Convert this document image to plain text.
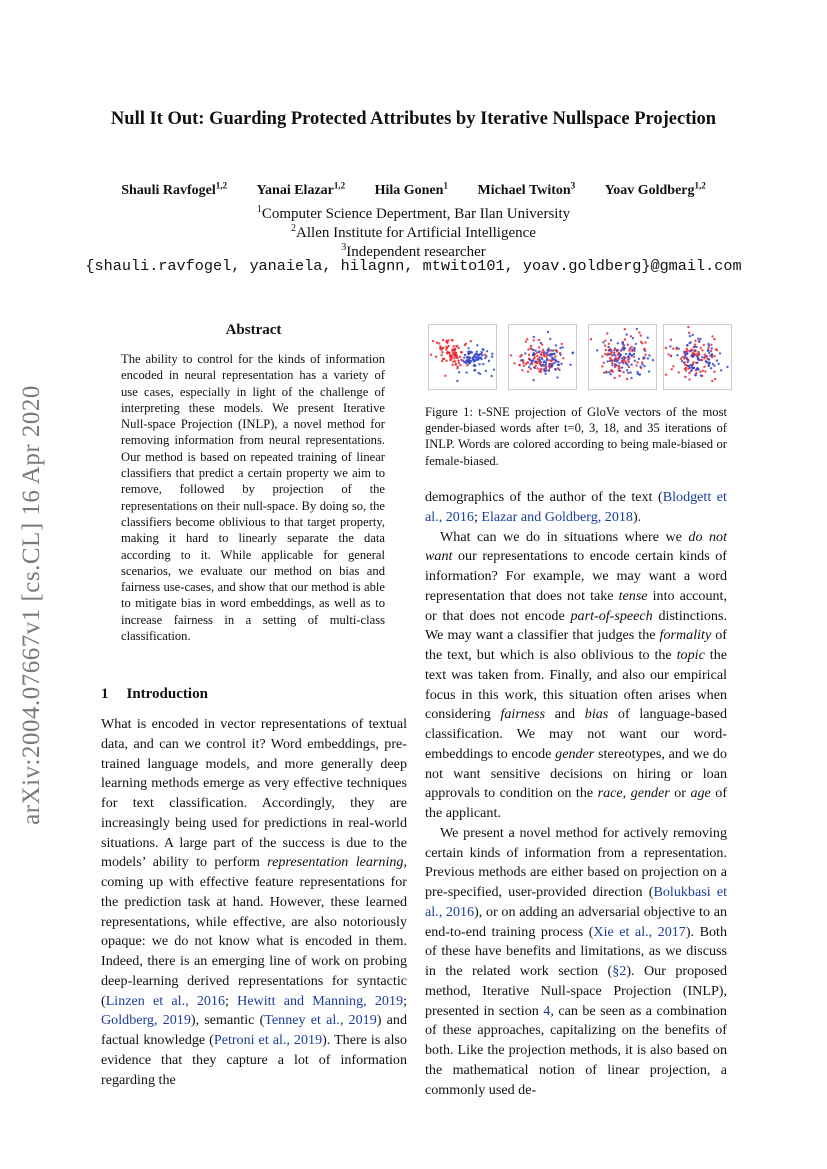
Null It Out: Guarding Protected Attributes by Iterative Nullspace Projection
Shauli Ravfogel$^{1,2}$ Yanai Elazar$^{1,2}$ Hila Gonen$^1$ Michael Twiton$^3$ Yoav Goldberg$^{1,2}$
$^1$Computer Science Depertment, Bar Ilan University
$^2$Allen Institute for Artificial Intelligence
$^3$Independent researcher
{shauli.ravfogel, yanaiela, hilagnn, mtwito101, yoav.goldberg}@gmail.com
arXiv:2004.07667v1 [cs.CL] 16 Apr 2020
Abstract
The ability to control for the kinds of information encoded in neural representation has a variety of use cases, especially in light of the challenge of interpreting these models. We present Iterative Null-space Projection (INLP), a novel method for removing information from neural representations. Our method is based on repeated training of linear classifiers that predict a certain property we aim to remove, followed by projection of the representations on their null-space. By doing so, the classifiers become oblivious to that target property, making it hard to linearly separate the data according to it. While applicable for general scenarios, we evaluate our method on bias and fairness use-cases, and show that our method is able to mitigate bias in word embeddings, as well as to increase fairness in a setting of multi-class classification.
1 Introduction
What is encoded in vector representations of textual data, and can we control it? Word embeddings, pre-trained language models, and more generally deep learning methods emerge as very effective techniques for text classification. Accordingly, they are increasingly being used for predictions in real-world situations. A large part of the success is due to the models’ ability to perform representation learning, coming up with effective feature representations for the prediction task at hand. However, these learned representations, while effective, are also notoriously opaque: we do not know what is encoded in them. Indeed, there is an emerging line of work on probing deep-learning derived representations for syntactic (Linzen et al., 2016; Hewitt and Manning, 2019; Goldberg, 2019), semantic (Tenney et al., 2019) and factual knowledge (Petroni et al., 2019). There is also evidence that they capture a lot of information regarding the
Figure 1: t-SNE projection of GloVe vectors of the most gender-biased words after t=0, 3, 18, and 35 iterations of INLP. Words are colored according to being male-biased or female-biased.

demographics of the author of the text (Blodgett et al., 2016; Elazar and Goldberg, 2018).

What can we do in situations where we do not want our representations to encode certain kinds of information? For example, we may want a word representation that does not take tense into account, or that does not encode part-of-speech distinctions. We may want a classifier that judges the formality of the text, but which is also oblivious to the topic the text was taken from. Finally, and also our empirical focus in this work, this situation often arises when considering fairness and bias of language-based classification. We may not want our word-embeddings to encode gender stereotypes, and we do not want sensitive decisions on hiring or loan approvals to condition on the race, gender or age of the applicant.

We present a novel method for actively removing certain kinds of information from a representation. Previous methods are either based on projection on a pre-specified, user-provided direction (Bolukbasi et al., 2016), or on adding an adversarial objective to an end-to-end training process (Xie et al., 2017). Both of these have benefits and limitations, as we discuss in the related work section (§2). Our proposed method, Iterative Null-space Projection (INLP), presented in section 4, can be seen as a combination of these approaches, capitalizing on the benefits of both. Like the projection methods, it is also based on the mathematical notion of linear projection, a commonly used de-
